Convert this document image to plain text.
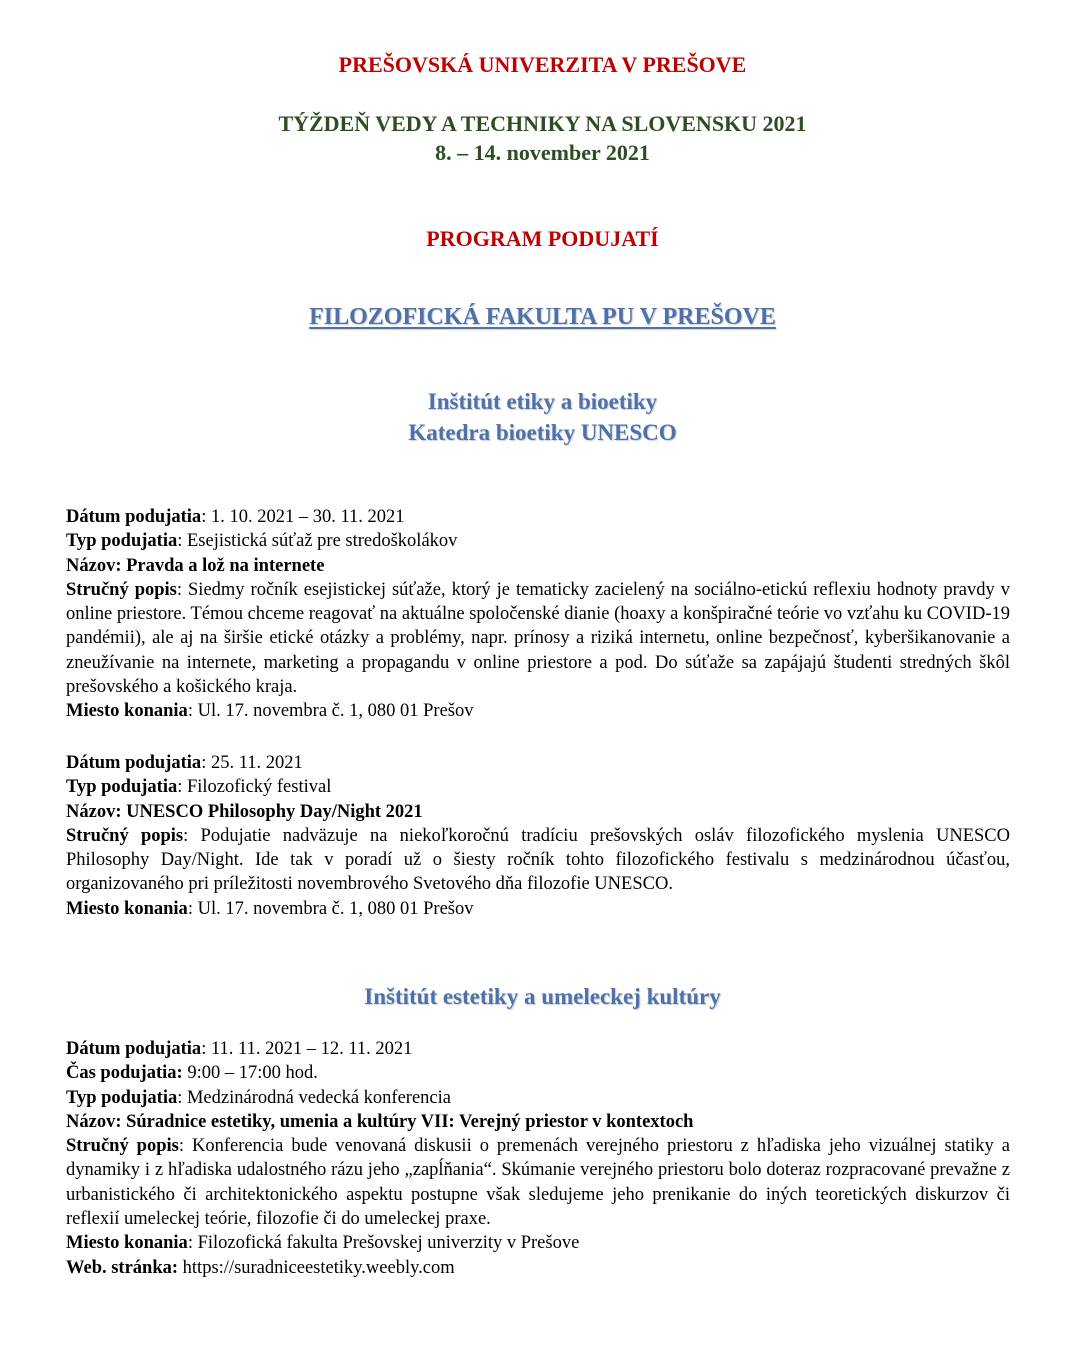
PREŠOVSKÁ UNIVERZITA V PREŠOVE
TÝŽDEŇ VEDY A TECHNIKY NA SLOVENSKU 2021
8. – 14. november 2021
PROGRAM PODUJATÍ
FILOZOFICKÁ FAKULTA PU V PREŠOVE
Inštitút etiky a bioetiky
Katedra bioetiky UNESCO
Dátum podujatia: 1. 10. 2021 – 30. 11. 2021
Typ podujatia: Esejistická súťaž pre stredoškolákov
Názov: Pravda a lož na internete
Stručný popis: Siedmy ročník esejistickej súťaže, ktorý je tematicky zacielený na sociálno-etickú reflexiu hodnoty pravdy v online priestore. Témou chceme reagovať na aktuálne spoločenské dianie (hoaxy a konšpiračné teórie vo vzťahu ku COVID-19 pandémii), ale aj na širšie etické otázky a problémy, napr. prínosy a riziká internetu, online bezpečnosť, kyberšikanovanie a zneužívanie na internete, marketing a propagandu v online priestore a pod. Do súťaže sa zapájajú študenti stredných škôl prešovského a košického kraja.
Miesto konania: Ul. 17. novembra č. 1, 080 01 Prešov
Dátum podujatia: 25. 11. 2021
Typ podujatia: Filozofický festival
Názov: UNESCO Philosophy Day/Night 2021
Stručný popis: Podujatie nadväzuje na niekoľkoročnú tradíciu prešovských osláv filozofického myslenia UNESCO Philosophy Day/Night. Ide tak v poradí už o šiesty ročník tohto filozofického festivalu s medzinárodnou účasťou, organizovaného pri príležitosti novembrového Svetového dňa filozofie UNESCO.
Miesto konania: Ul. 17. novembra č. 1, 080 01 Prešov
Inštitút estetiky a umeleckej kultúry
Dátum podujatia: 11. 11. 2021 – 12. 11. 2021
Čas podujatia: 9:00 – 17:00 hod.
Typ podujatia: Medzinárodná vedecká konferencia
Názov: Súradnice estetiky, umenia a kultúry VII: Verejný priestor v kontextoch
Stručný popis: Konferencia bude venovaná diskusii o premenách verejného priestoru z hľadiska jeho vizuálnej statiky a dynamiky i z hľadiska udalostného rázu jeho „zapĺňania“. Skúmanie verejného priestoru bolo doteraz rozpracované prevažne z urbanistického či architektonického aspektu postupne však sledujeme jeho prenikanie do iných teoretických diskurzov či reflexií umeleckej teórie, filozofie či do umeleckej praxe.
Miesto konania: Filozofická fakulta Prešovskej univerzity v Prešove
Web. stránka: https://suradniceestetiky.weebly.com
